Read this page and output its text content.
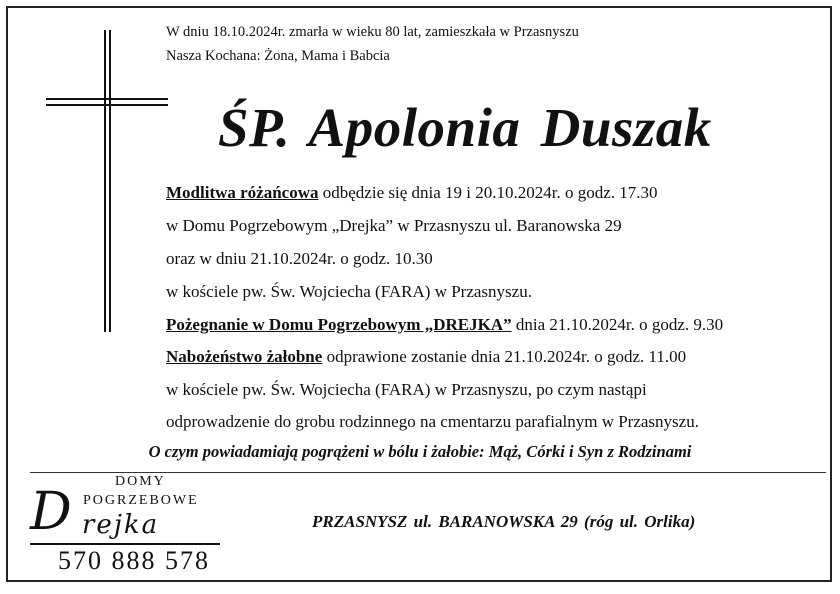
W dniu 18.10.2024r. zmarła w wieku 80 lat, zamieszkała w Przasnyszu
Nasza Kochana: Żona, Mama i Babcia
ŚP. Apolonia Duszak
Modlitwa różańcowa odbędzie się dnia 19 i 20.10.2024r. o godz. 17.30
w Domu Pogrzebowym „Drejka” w Przasnyszu ul. Baranowska 29
oraz w dniu 21.10.2024r. o godz. 10.30
w kościele pw. Św. Wojciecha (FARA) w Przasnyszu.
Pożegnanie w Domu Pogrzebowym „DREJKA” dnia 21.10.2024r. o godz. 9.30
Nabożeństwo żałobne odprawione zostanie dnia 21.10.2024r. o godz. 11.00
w kościele pw. Św. Wojciecha (FARA) w Przasnyszu, po czym nastąpi
odprowadzenie do grobu rodzinnego na cmentarzu parafialnym w Przasnyszu.
O czym powiadamiają pogrążeni w bólu i żałobie: Mąż, Córki i Syn z Rodzinami
DOMY
POGRZEBOWE
D rejka
570 888 578
PRZASNYSZ ul. BARANOWSKA 29 (róg ul. Orlika)
